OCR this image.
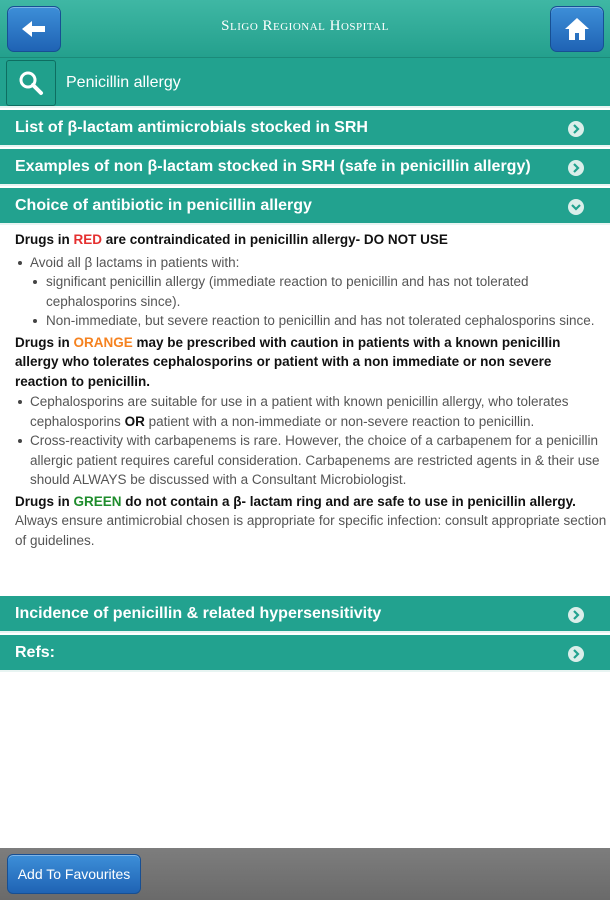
Sligo Regional Hospital
Penicillin allergy
List of β-lactam antimicrobials stocked in SRH
Examples of non β-lactam stocked in SRH (safe in penicillin allergy)
Choice of antibiotic in penicillin allergy
Drugs in RED are contraindicated in penicillin allergy- DO NOT USE
Avoid all β lactams in patients with:
significant penicillin allergy (immediate reaction to penicillin and has not tolerated cephalosporins since).
Non-immediate, but severe reaction to penicillin and has not tolerated cephalosporins since.
Drugs in ORANGE may be prescribed with caution in patients with a known penicillin allergy who tolerates cephalosporins or patient with a non immediate or non severe reaction to penicillin.
Cephalosporins are suitable for use in a patient with known penicillin allergy, who tolerates cephalosporins OR patient with a non-immediate or non-severe reaction to penicillin.
Cross-reactivity with carbapenems is rare. However, the choice of a carbapenem for a penicillin allergic patient requires careful consideration. Carbapenems are restricted agents in & their use should ALWAYS be discussed with a Consultant Microbiologist.
Drugs in GREEN do not contain a β- lactam ring and are safe to use in penicillin allergy. Always ensure antimicrobial chosen is appropriate for specific infection: consult appropriate section of guidelines.
Incidence of penicillin & related hypersensitivity
Refs:
Add To Favourites
